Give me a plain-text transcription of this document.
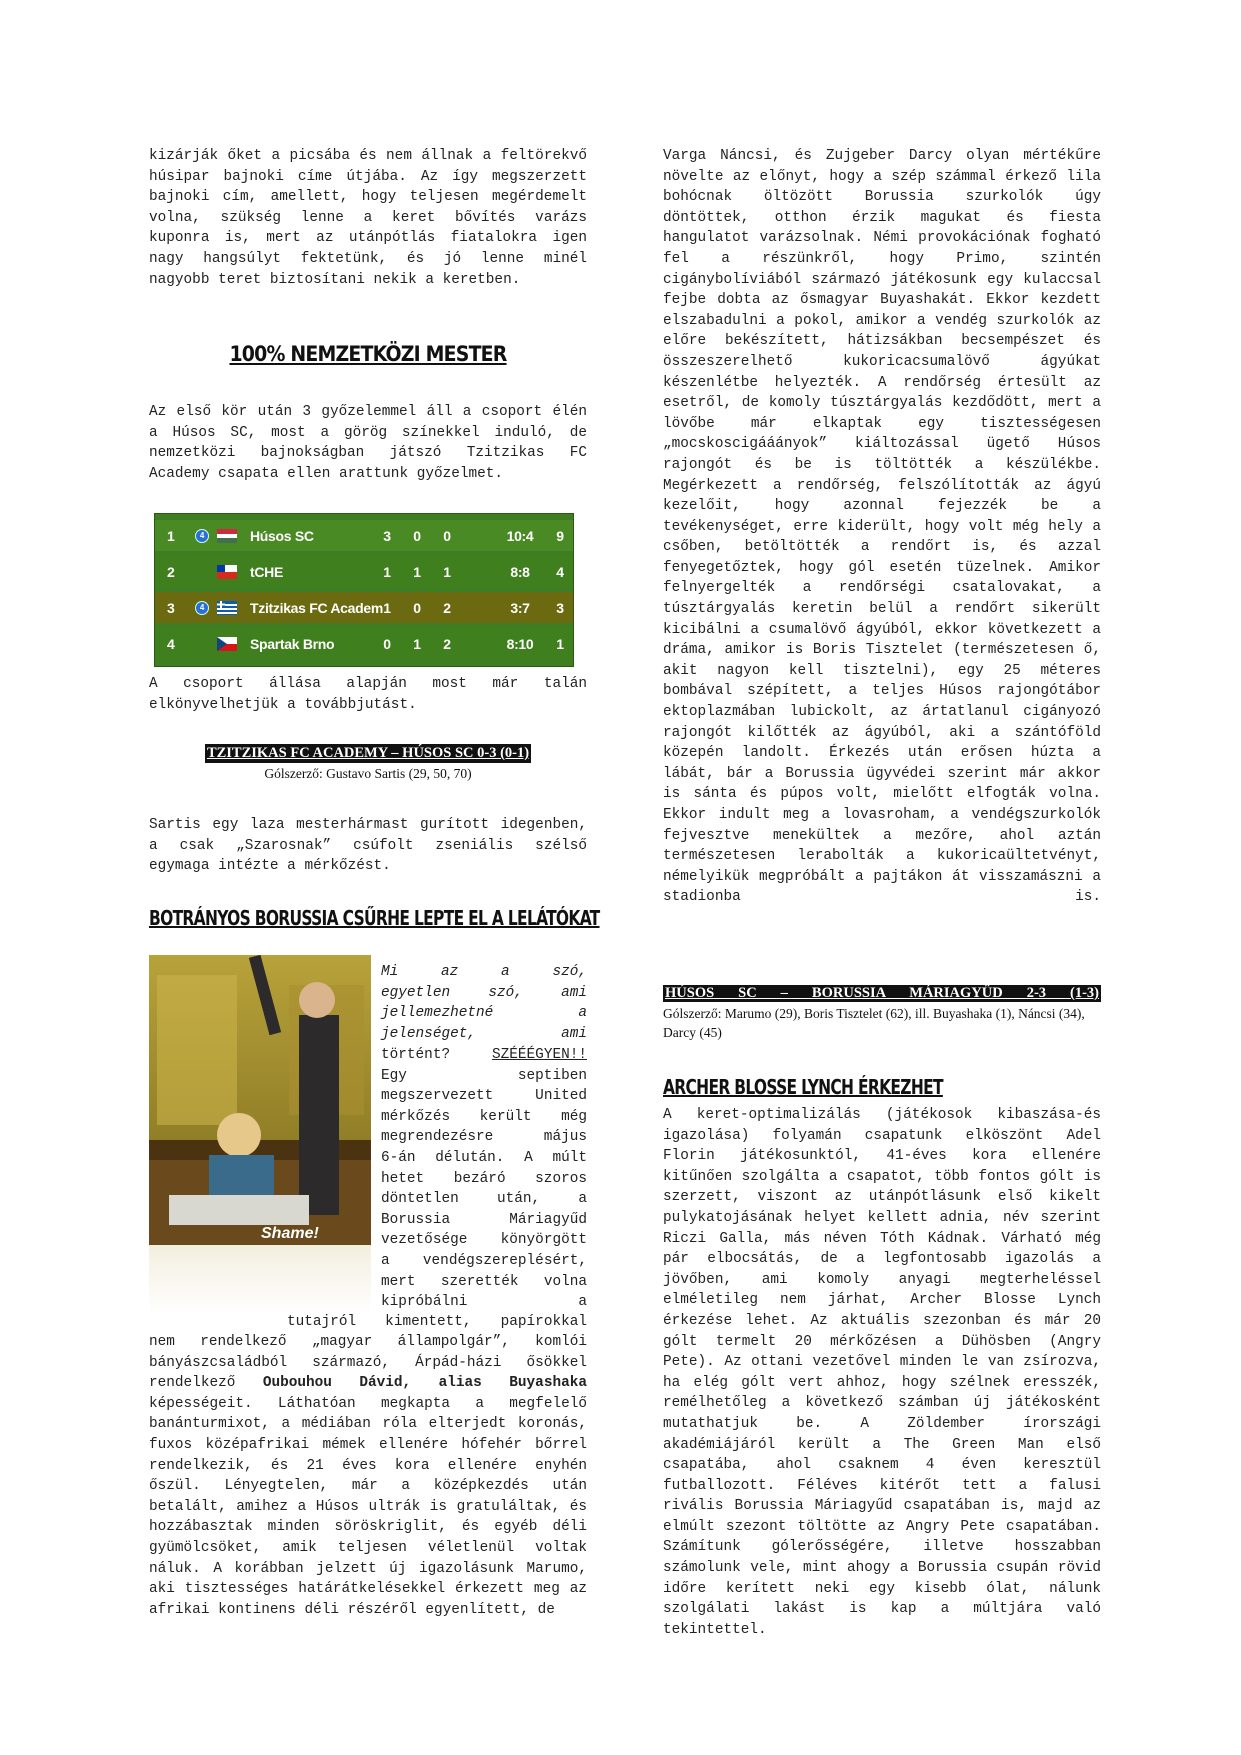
kizárják őket a picsába és nem állnak a feltörekvő húsipar bajnoki címe útjába. Az így megszerzett bajnoki cím, amellett, hogy teljesen megérdemelt volna, szükség lenne a keret bővítés varázs kuponra is, mert az utánpótlás fiatalokra igen nagy hangsúlyt fektetünk, és jó lenne minél nagyobb teret biztosítani nekik a keretben.

100% NEMZETKÖZI MESTER

Az első kör után 3 győzelemmel áll a csoport élén a Húsos SC, most a görög színekkel induló, de nemzetközi bajnokságban játszó Tzitzikas FC Academy csapata ellen arattunk győzelmet.

1	4	Húsos SC	3	0	0	10:4	9
2	tCHE	1	1	1	8:8	4
3	4	Tzitzikas FC Academ 1	0	2	3:7	3
4	Spartak Brno	0	1	2	8:10	1

A csoport állása alapján most már talán elkönyvelhetjük a továbbjutást.

TZITZIKAS FC ACADEMY – HÚSOS SC 0-3 (0-1)

Gólszerző: Gustavo Sartis (29, 50, 70)

Sartis egy laza mesterhármast gurított idegenben, a csak „Szarosnak” csúfolt zseniális szélső egymaga intézte a mérkőzést.

BOTRÁNYOS BORUSSIA CSŰRHE LEPTE EL A LELÁTÓKAT
Shame!
Mi az a szó,
egyetlen szó, ami
jellemezhetné a
jelenséget, ami
történt? SZÉÉÉGYEN!!
Egy septiben
megszervezett United
mérkőzés került még
megrendezésre május
6-án délután. A múlt
hetet bezáró szoros
döntetlen után, a
Borussia Máriagyűd
vezetősége könyörgött
a vendégszereplésért,
mert szerették volna
kipróbálni a

tutajról kimentett, papírokkal

nem rendelkező „magyar állampolgár”, komlói bányászcsaládból származó, Árpád-házi ősökkel rendelkező Oubouhou Dávid, alias Buyashaka képességeit. Láthatóan megkapta a megfelelő banánturmixot, a médiában róla elterjedt koronás, fuxos középafrikai mémek ellenére hófehér bőrrel rendelkezik, és 21 éves kora ellenére enyhén őszül. Lényegtelen, már a középkezdés után betalált, amihez a Húsos ultrák is gratuláltak, és hozzábasztak minden söröskriglit, és egyéb déli gyümölcsöket, amik teljesen véletlenül voltak náluk. A korábban jelzett új igazolásunk Marumo, aki tisztességes határátkelésekkel érkezett meg az afrikai kontinens déli részéről egyenlített, de

Varga Náncsi, és Zujgeber Darcy olyan mértékűre növelte az előnyt, hogy a szép számmal érkező lila bohócnak öltözött Borussia szurkolók úgy döntöttek, otthon érzik magukat és fiesta hangulatot varázsolnak. Némi provokációnak fogható fel a részünkről, hogy Primo, szintén cigánybolíviából származó játékosunk egy kulaccsal fejbe dobta az ősmagyar Buyashakát. Ekkor kezdett elszabadulni a pokol, amikor a vendég szurkolók az előre bekészített, hátizsákban becsempészet és összeszerelhető kukoricacsumalövő ágyúkat készenlétbe helyezték. A rendőrség értesült az esetről, de komoly túsztárgyalás kezdődött, mert a lövőbe már elkaptak egy tisztességesen „mocskoscigááányok” kiáltozással ügető Húsos rajongót és be is töltötték a készülékbe. Megérkezett a rendőrség, felszólították az ágyú kezelőit, hogy azonnal fejezzék be a tevékenységet, erre kiderült, hogy volt még hely a csőben, betöltötték a rendőrt is, és azzal fenyegetőztek, hogy gól esetén tüzelnek. Amikor felnyergelték a rendőrségi csatalovakat, a túsztárgyalás keretin belül a rendőrt sikerült kicibálni a csumalövő ágyúból, ekkor következett a dráma, amikor is Boris Tisztelet (természetesen ő, akit nagyon kell tisztelni), egy 25 méteres bombával szépített, a teljes Húsos rajongótábor ektoplazmában lubickolt, az ártatlanul cigányozó rajongót kilőtték az ágyúból, aki a szántóföld közepén landolt. Érkezés után erősen húzta a lábát, bár a Borussia ügyvédei szerint már akkor is sánta és púpos volt, mielőtt elfogták volna. Ekkor indult meg a lovasroham, a vendégszurkolók fejvesztve menekültek a mezőre, ahol aztán természetesen lerabolták a kukoricaültetvényt, némelyikük megpróbált a pajtákon át visszamászni a stadionba is.

HÚSOS SC – BORUSSIA MÁRIAGYŰD 2-3 (1-3)

Gólszerző: Marumo (29), Boris Tisztelet (62), ill. Buyashaka (1), Náncsi (34), Darcy (45)

ARCHER BLOSSE LYNCH ÉRKEZHET

A keret-optimalizálás (játékosok kibaszása-és igazolása) folyamán csapatunk elköszönt Adel Florin játékosunktól, 41-éves kora ellenére kitűnően szolgálta a csapatot, több fontos gólt is szerzett, viszont az utánpótlásunk első kikelt pulykatojásának helyet kellett adnia, név szerint Riczi Galla, más néven Tóth Kádnak. Várható még pár elbocsátás, de a legfontosabb igazolás a jövőben, ami komoly anyagi megterheléssel elméletileg nem járhat, Archer Blosse Lynch érkezése lehet. Az aktuális szezonban és már 20 gólt termelt 20 mérkőzésen a Dühösben (Angry Pete). Az ottani vezetővel minden le van zsírozva, ha elég gólt vert ahhoz, hogy szélnek eresszék, remélhetőleg a következő számban új játékosként mutathatjuk be. A Zöldember írországi akadémiájáról került a The Green Man első csapatába, ahol csaknem 4 éven keresztül futballozott. Féléves kitérőt tett a falusi rivális Borussia Máriagyűd csapatában is, majd az elmúlt szezont töltötte az Angry Pete csapatában. Számítunk gólerősségére, illetve hosszabban számolunk vele, mint ahogy a Borussia csupán rövid időre kerített neki egy kisebb ólat, nálunk szolgálati lakást is kap a múltjára való tekintettel.
